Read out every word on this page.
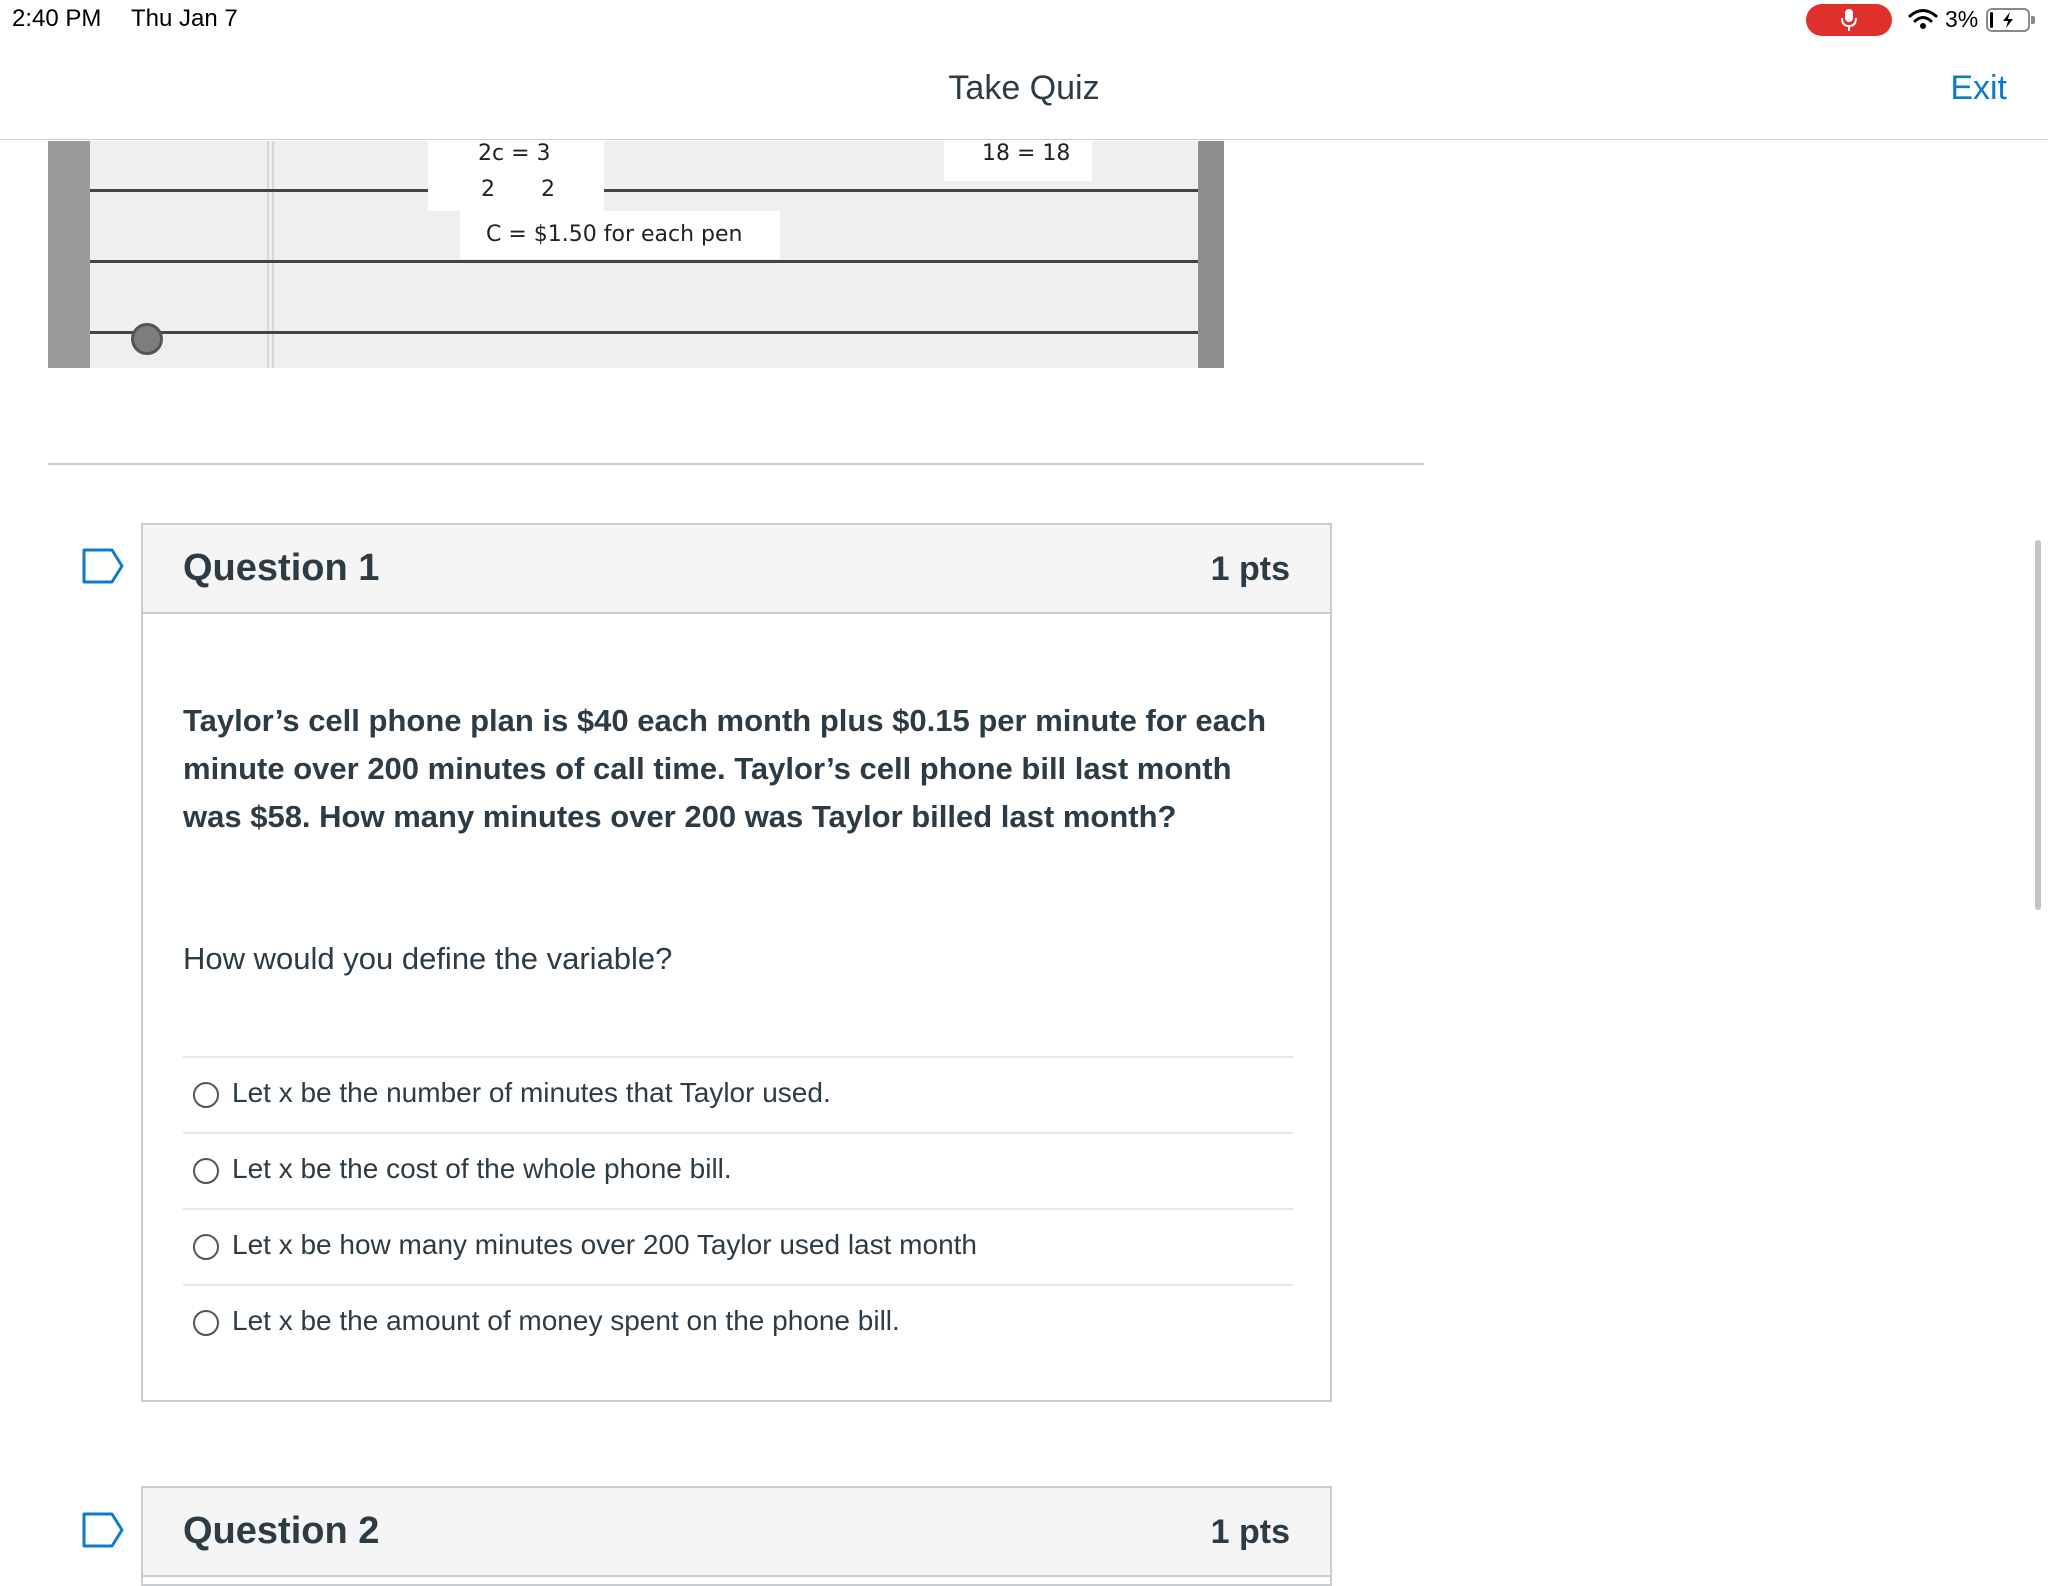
2:40 PM Thu Jan 7	3%
Take Quiz	Exit
2c = 3
2 2
C = $1.50 for each pen
18 = 18
Question 1	1 pts
Taylor’s cell phone plan is $40 each month plus $0.15 per minute for each minute over 200 minutes of call time. Taylor’s cell phone bill last month was $58. How many minutes over 200 was Taylor billed last month?
How would you define the variable?
Let x be the number of minutes that Taylor used.
Let x be the cost of the whole phone bill.
Let x be how many minutes over 200 Taylor used last month
Let x be the amount of money spent on the phone bill.
Question 2	1 pts
